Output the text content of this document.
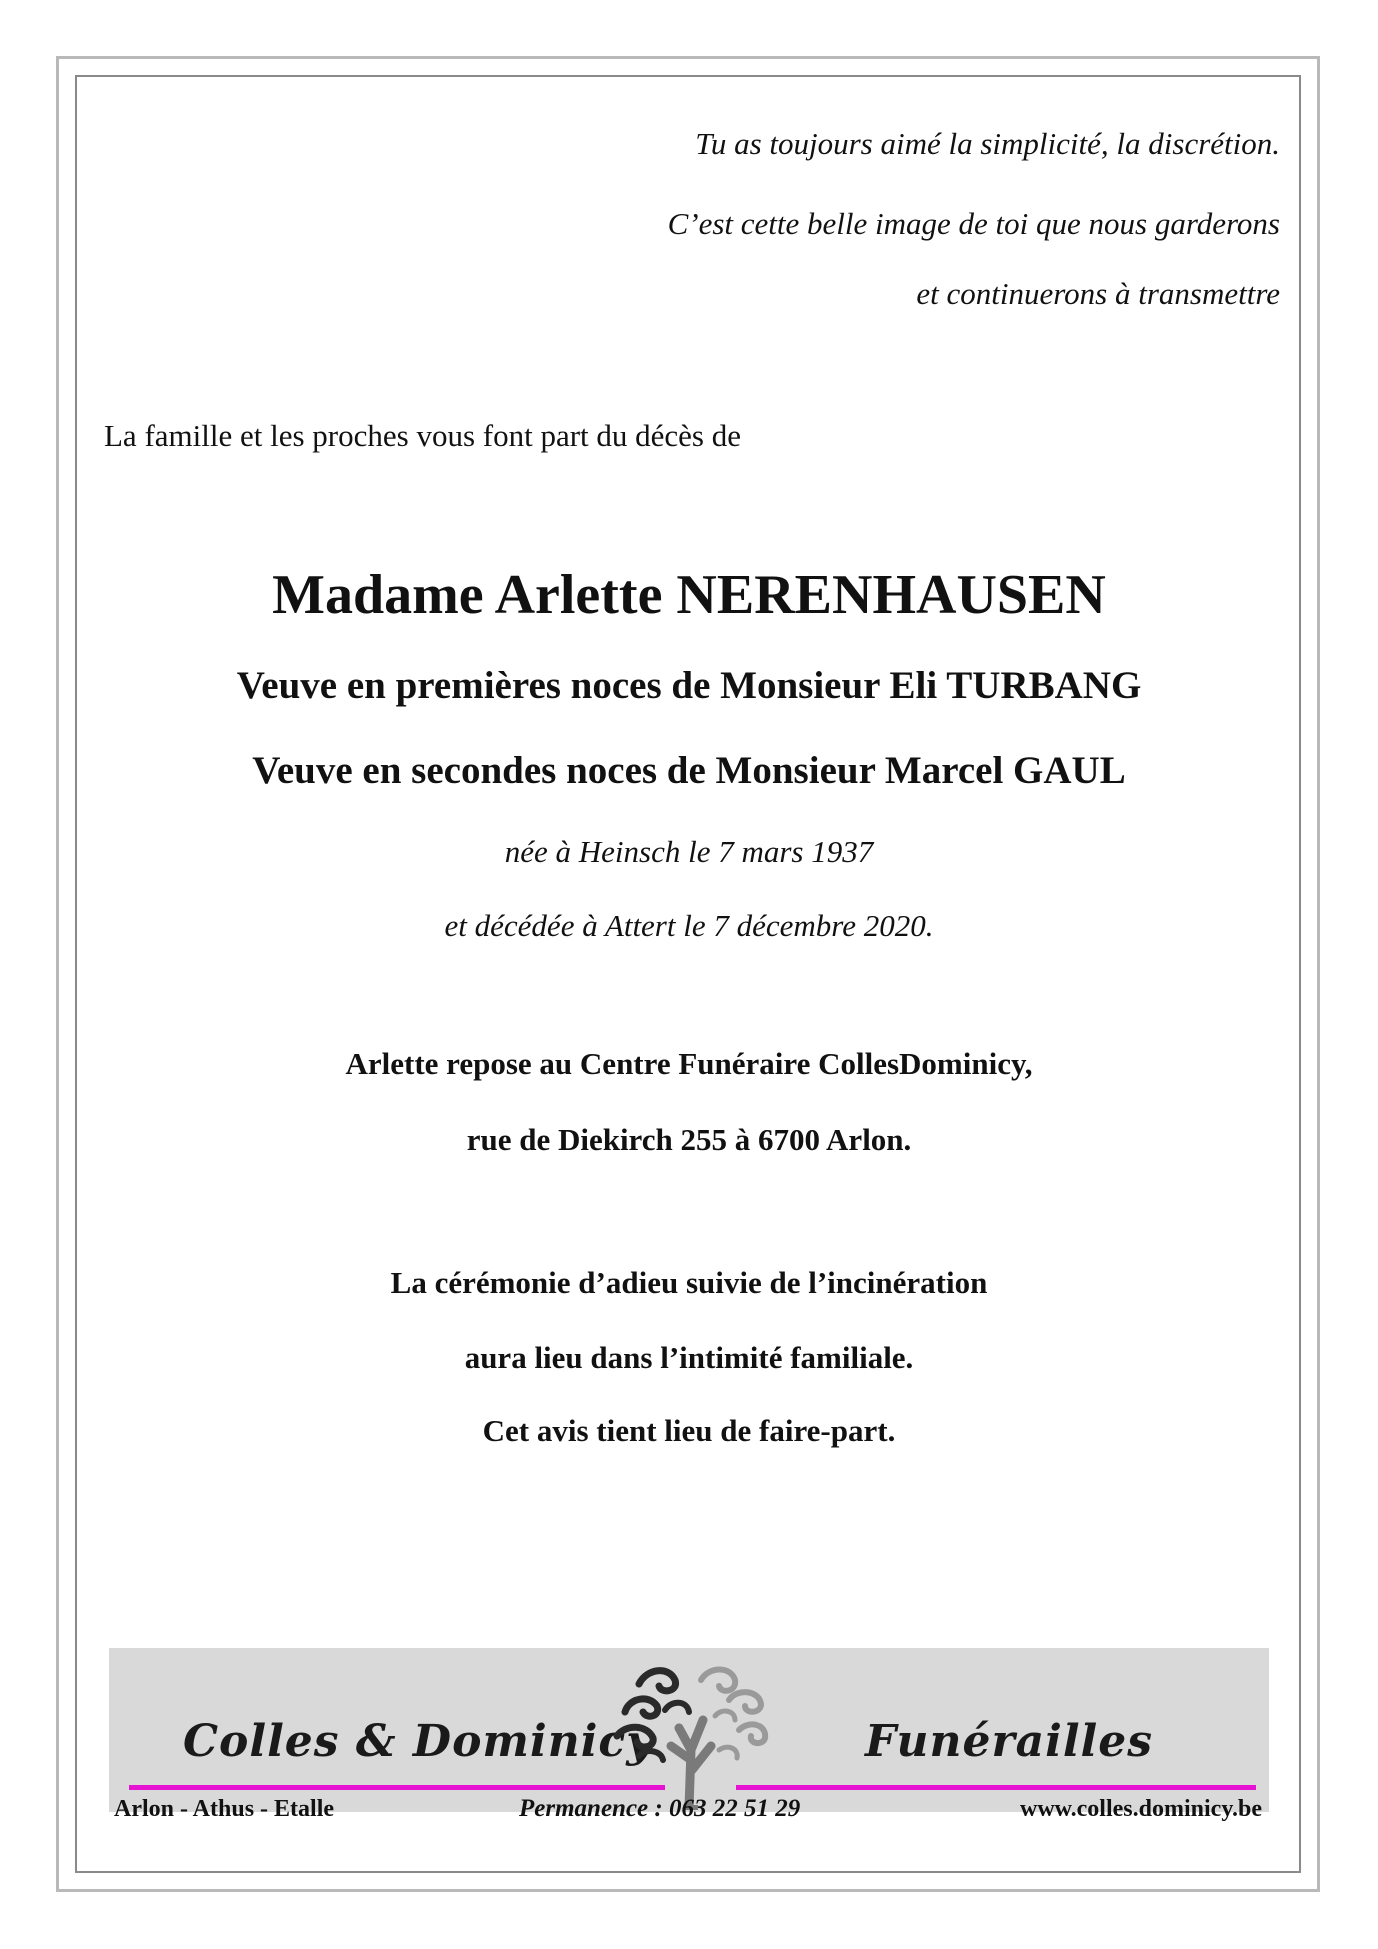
Tu as toujours aimé la simplicité, la discrétion.
C’est cette belle image de toi que nous garderons
et continuerons à transmettre
La famille et les proches vous font part du décès de
Madame Arlette NERENHAUSEN
Veuve en premières noces de Monsieur Eli TURBANG
Veuve en secondes noces de Monsieur Marcel GAUL
née à Heinsch le 7 mars 1937
et décédée à Attert le 7 décembre 2020.
Arlette repose au Centre Funéraire CollesDominicy,
rue de Diekirch 255 à 6700 Arlon.
La cérémonie d’adieu suivie de l’incinération
aura lieu dans l’intimité familiale.
Cet avis tient lieu de faire-part.
Colles & Dominicy	Funérailles
Arlon - Athus - Etalle	Permanence : 063 22 51 29	www.colles.dominicy.be
